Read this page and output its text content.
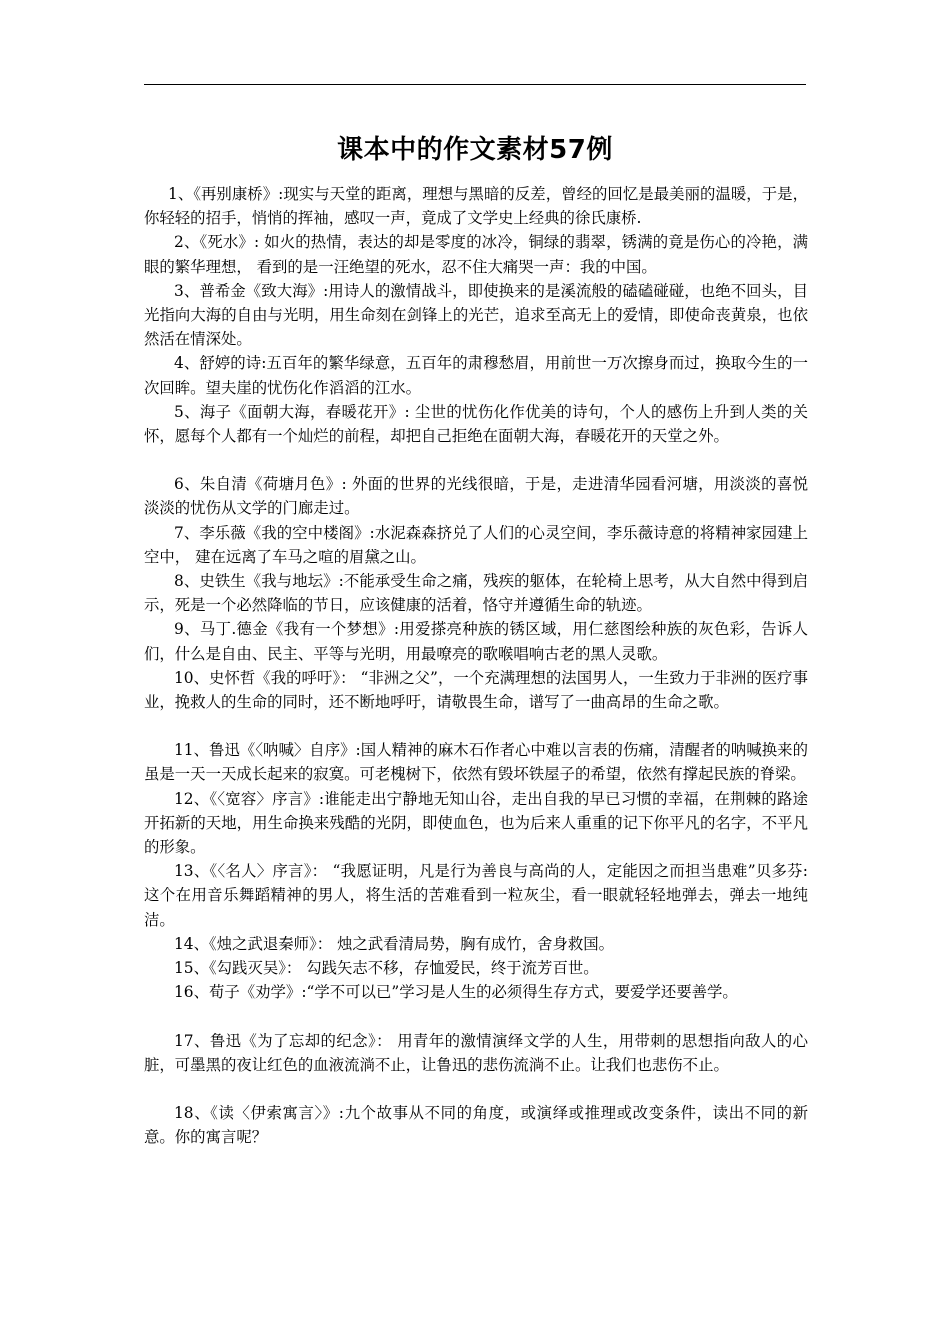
课本中的作文素材57例

1、《再别康桥》:现实与天堂的距离，理想与黑暗的反差，曾经的回忆是最美丽的温暖，于是，你轻轻的招手，悄悄的挥袖，感叹一声，竟成了文学史上经典的徐氏康桥.

2、《死水》: 如火的热情，表达的却是零度的冰冷，铜绿的翡翠，锈满的竟是伤心的冷艳，满眼的繁华理想， 看到的是一汪绝望的死水，忍不住大痛哭一声：我的中国。

3、普希金《致大海》:用诗人的激情战斗，即使换来的是溪流般的磕磕碰碰，也绝不回头，目光指向大海的自由与光明，用生命刻在剑锋上的光芒，追求至高无上的爱情，即使命丧黄泉，也依然活在情深处。

4、舒婷的诗:五百年的繁华绿意，五百年的肃穆愁眉，用前世一万次擦身而过，换取今生的一次回眸。望夫崖的忧伤化作滔滔的江水。

5、海子《面朝大海，春暖花开》: 尘世的忧伤化作优美的诗句，个人的感伤上升到人类的关怀，愿每个人都有一个灿烂的前程，却把自己拒绝在面朝大海，春暖花开的天堂之外。

6、朱自清《荷塘月色》: 外面的世界的光线很暗，于是，走进清华园看河塘，用淡淡的喜悦淡淡的忧伤从文学的门廊走过。

7、李乐薇《我的空中楼阁》:水泥森森挤兑了人们的心灵空间，李乐薇诗意的将精神家园建上空中， 建在远离了车马之喧的眉黛之山。

8、史铁生《我与地坛》:不能承受生命之痛，残疾的躯体，在轮椅上思考，从大自然中得到启示，死是一个必然降临的节日，应该健康的活着，恪守并遵循生命的轨迹。

9、马丁.德金《我有一个梦想》:用爱搽亮种族的锈区域，用仁慈图绘种族的灰色彩，告诉人们，什么是自由、民主、平等与光明，用最嘹亮的歌喉唱响古老的黑人灵歌。

10、史怀哲《我的呼吁》： “非洲之父”，一个充满理想的法国男人，一生致力于非洲的医疗事业，挽救人的生命的同时，还不断地呼吁，请敬畏生命，谱写了一曲高昂的生命之歌。

11、鲁迅《〈呐喊〉自序》:国人精神的麻木石作者心中难以言表的伤痛，清醒者的呐喊换来的虽是一天一天成长起来的寂寞。可老槐树下，依然有毁坏铁屋子的希望，依然有撑起民族的脊梁。

12、《〈宽容〉序言》:谁能走出宁静地无知山谷，走出自我的早已习惯的幸福，在荆棘的路途开拓新的天地，用生命换来残酷的光阴，即使血色，也为后来人重重的记下你平凡的名字，不平凡的形象。

13、《〈名人〉序言》： “我愿证明，凡是行为善良与高尚的人，定能因之而担当患难”贝多芬:这个在用音乐舞蹈精神的男人，将生活的苦难看到一粒灰尘，看一眼就轻轻地弹去，弹去一地纯洁。

14、《烛之武退秦师》： 烛之武看清局势，胸有成竹，舍身救国。

15、《勾践灭吴》： 勾践矢志不移，存恤爱民，终于流芳百世。

16、荀子《劝学》:“学不可以已”学习是人生的必须得生存方式，要爱学还要善学。

17、鲁迅《为了忘却的纪念》： 用青年的激情演绎文学的人生，用带刺的思想指向敌人的心脏，可墨黑的夜让红色的血液流淌不止，让鲁迅的悲伤流淌不止。让我们也悲伤不止。

18、《读〈伊索寓言〉》:九个故事从不同的角度，或演绎或推理或改变条件，读出不同的新意。你的寓言呢？
